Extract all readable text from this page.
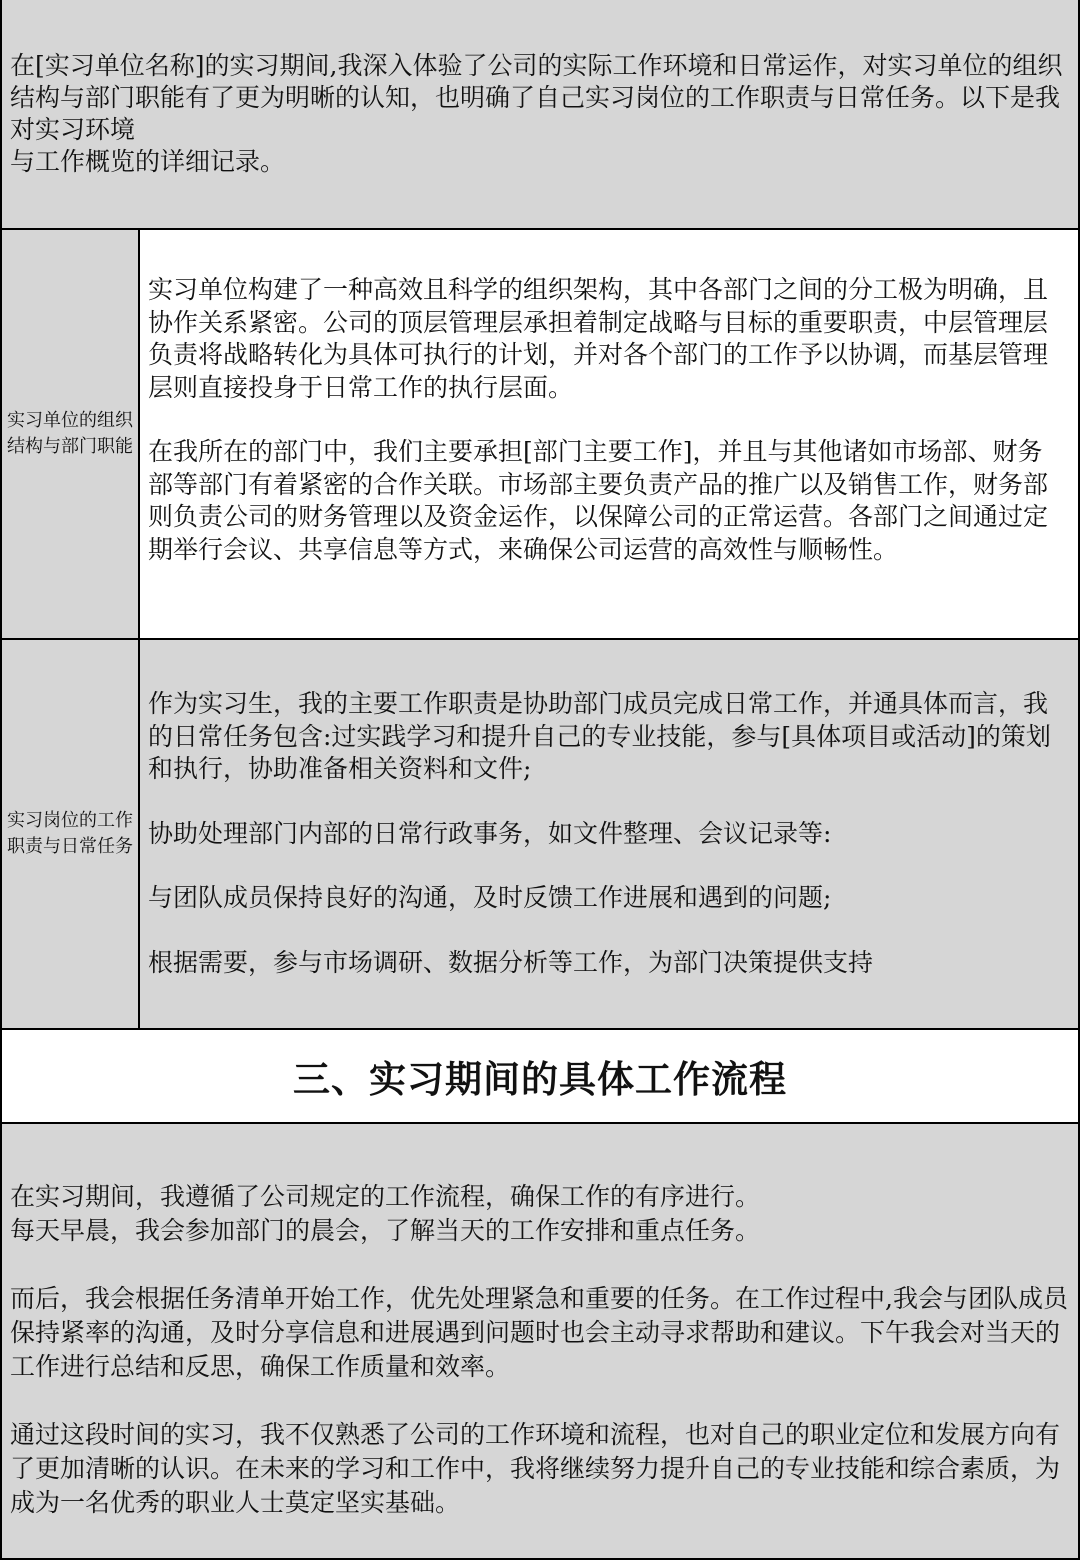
在[实习单位名称]的实习期间,我深入体验了公司的实际工作环境和日常运作，对实习单位的组织结构与部门职能有了更为明晰的认知，也明确了自己实习岗位的工作职责与日常任务。以下是我对实习环境

与工作概览的详细记录。

实习单位的组织结构与部门职能

实习单位构建了一种高效且科学的组织架构，其中各部门之间的分工极为明确，且协作关系紧密。公司的顶层管理层承担着制定战略与目标的重要职责，中层管理层负责将战略转化为具体可执行的计划，并对各个部门的工作予以协调，而基层管理层则直接投身于日常工作的执行层面。

在我所在的部门中，我们主要承担[部门主要工作]，并且与其他诸如市场部、财务部等部门有着紧密的合作关联。市场部主要负责产品的推广以及销售工作，财务部则负责公司的财务管理以及资金运作，以保障公司的正常运营。各部门之间通过定期举行会议、共享信息等方式，来确保公司运营的高效性与顺畅性。

实习岗位的工作职责与日常任务

作为实习生，我的主要工作职责是协助部门成员完成日常工作，并通具体而言，我的日常任务包含:过实践学习和提升自己的专业技能，参与[具体项目或活动]的策划和执行，协助准备相关资料和文件;

协助处理部门内部的日常行政事务，如文件整理、会议记录等:

与团队成员保持良好的沟通，及时反馈工作进展和遇到的问题;

根据需要，参与市场调研、数据分析等工作，为部门决策提供支持

三、实习期间的具体工作流程

在实习期间，我遵循了公司规定的工作流程，确保工作的有序进行。

每天早晨，我会参加部门的晨会，了解当天的工作安排和重点任务。

而后，我会根据任务清单开始工作，优先处理紧急和重要的任务。在工作过程中,我会与团队成员保持紧率的沟通，及时分享信息和进展遇到问题时也会主动寻求帮助和建议。下午我会对当天的工作进行总结和反思，确保工作质量和效率。

通过这段时间的实习，我不仅熟悉了公司的工作环境和流程，也对自己的职业定位和发展方向有了更加清晰的认识。在未来的学习和工作中，我将继续努力提升自己的专业技能和综合素质，为成为一名优秀的职业人士莫定坚实基础。
